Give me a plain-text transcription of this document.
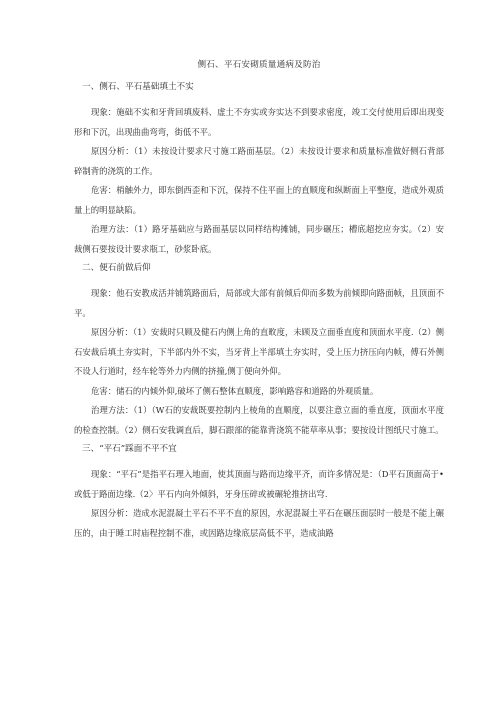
侧石、平石安砌质量通病及防治
一、侧石、平石基础填土不实

现象：施础不实和牙背回填废料、虚土不夯实或夯实达不到要求密度，竣工交付使用后即出现变形和下沉，出现曲曲弯弯，街低不平。

原因分析：（1）未按设计要求尺寸施工路面基层。（2）未按设计要求和质量标准做好侧石背部碎制背的浇筑的工作。

危害：梢触外力，即东倒西歪和下沉，保持不住平面上的直顺度和纵断面上平整度，造成外观质量上的明显缺陷。

治理方法：（1）路牙基础应与路面基层以同样结构摊铺，同步碾压；槽底超挖应夯实。（2）安裁侧石要按设计要求瓶工，砂浆卧底。

二、便石前做后仰

现象：他石安教成活并铺筑路面后，局部或大部有前倾后仰而多数为前倾即向路面帧，且顶面不平。

原因分析：（1）安裁时只顾及健石内侧上角的直畋度，未顾及立面垂直度和顶面水平度.（2）侧石安裁后填土夯实时，下半部内外不实，当牙背上半部填土夯实时，受上压力挤压向内帧，傅石外侧不设人行道时，经车轮等外力内侧的挤撞,侧丁便向外仰。

危害：储石的内倾外仰,破坏了侧石整体直顺度，影响路容和道路的外观质量。

治理方法：（1）（W石的安裁既要控制内上棱角的直顺度，以要注意立面的垂直度，顶面水平度的检查控制。（2）侧石安我调直后，脚石跟部的能靠背浇筑不能草率从事；要按设计图纸尺寸施工。

三、“平石”踩面不平不宜

现象：“平石”是指平石理入地面，使其顶面与路而边缘平齐，而许多情况是：（D平石顶面高于•或低于路面边缘.（2〉平石内向外倾斜，牙身压碎或被碾轮推挤出穹.

原因分析：造成水泥混凝土平石不平不直的原因，水泥混凝土平石在碾压面层时一般是不能上碾压的，由于睡工时庙程控制不准，或因路边缘底层高低不平，造成油路
